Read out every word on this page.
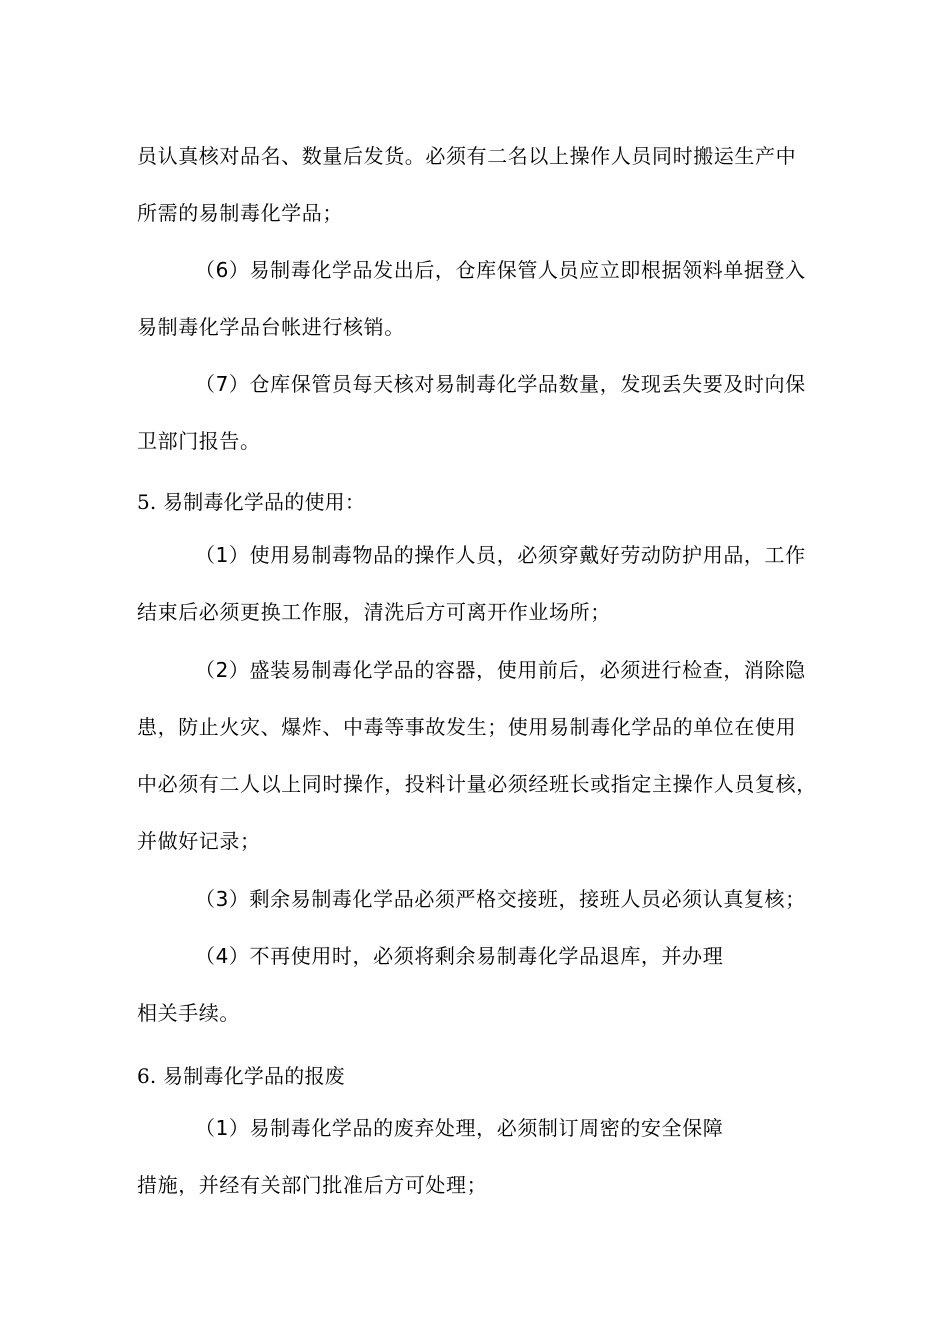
员认真核对品名、数量后发货。必须有二名以上操作人员同时搬运生产中
所需的易制毒化学品；
（6）易制毒化学品发出后，仓库保管人员应立即根据领料单据登入
易制毒化学品台帐进行核销。
（7）仓库保管员每天核对易制毒化学品数量，发现丢失要及时向保
卫部门报告。
5. 易制毒化学品的使用：
（1）使用易制毒物品的操作人员，必须穿戴好劳动防护用品，工作
结束后必须更换工作服，清洗后方可离开作业场所；
（2）盛装易制毒化学品的容器，使用前后，必须进行检查，消除隐
患，防止火灾、爆炸、中毒等事故发生；使用易制毒化学品的单位在使用
中必须有二人以上同时操作，投料计量必须经班长或指定主操作人员复核，
并做好记录；
（3）剩余易制毒化学品必须严格交接班，接班人员必须认真复核；
（4）不再使用时，必须将剩余易制毒化学品退库，并办理
相关手续。
6. 易制毒化学品的报废
（1）易制毒化学品的废弃处理，必须制订周密的安全保障
措施，并经有关部门批准后方可处理；
